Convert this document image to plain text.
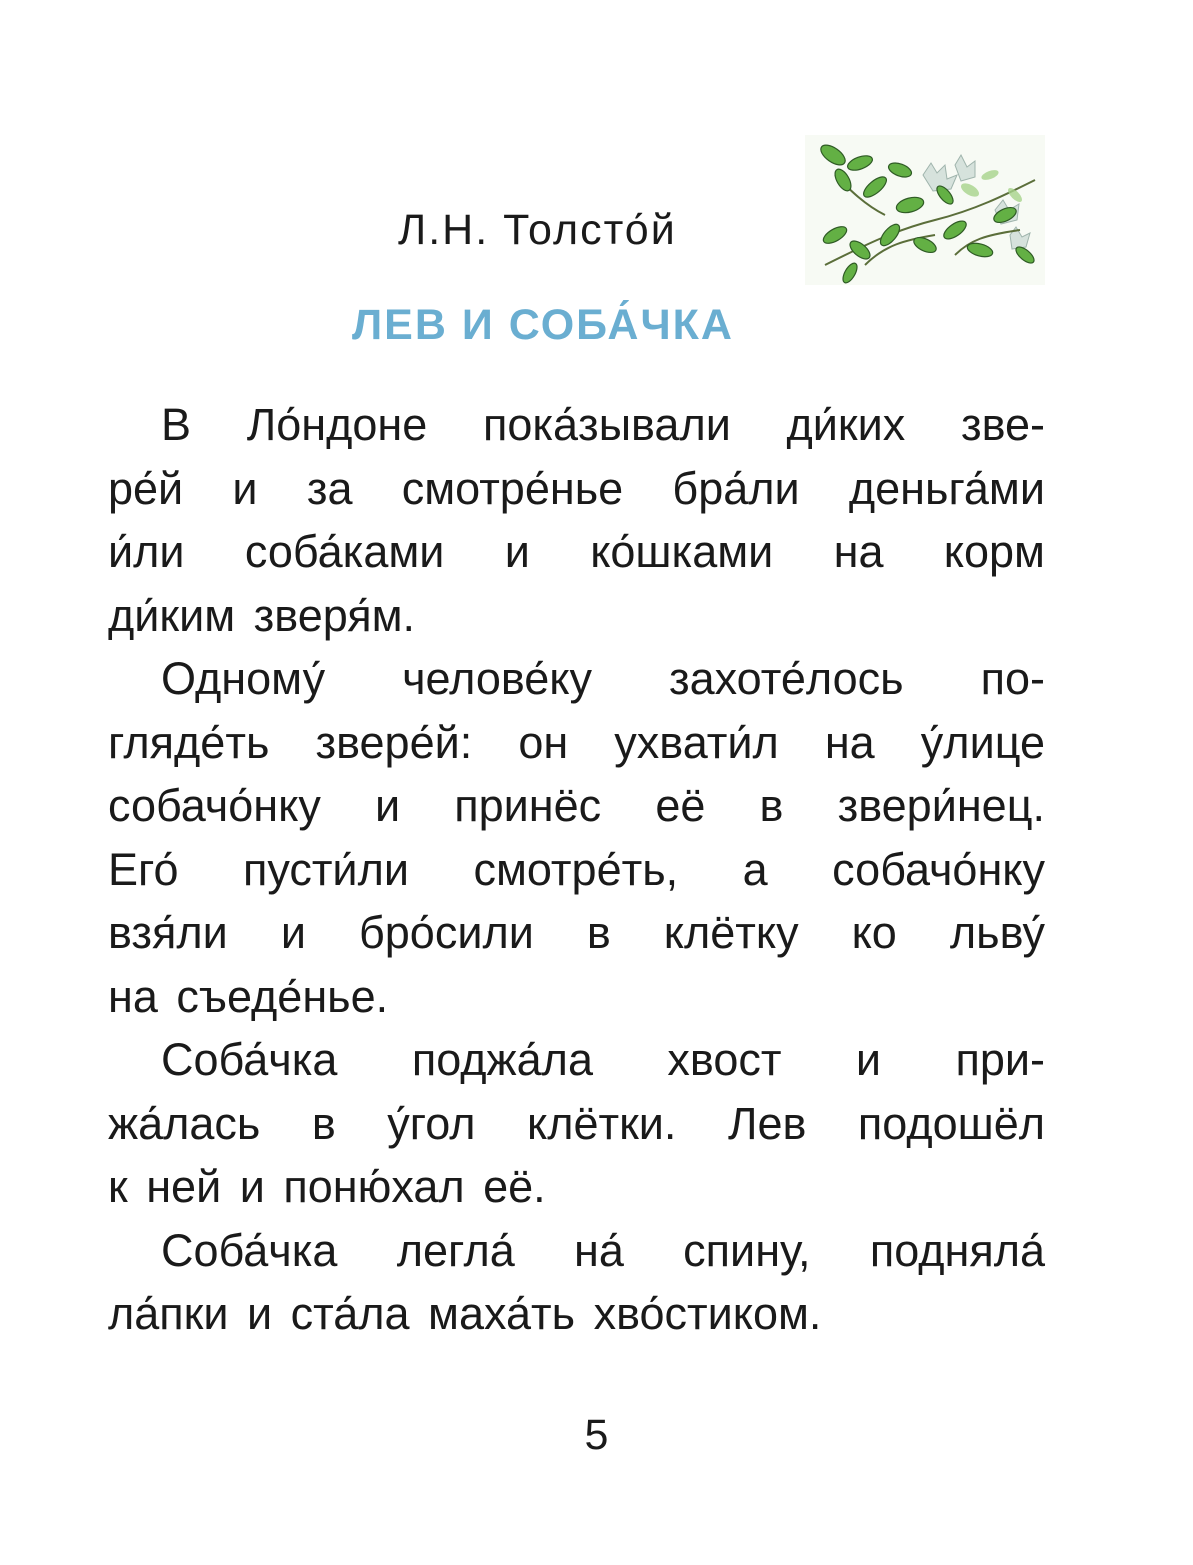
Л.Н. Толсто́й
ЛЕВ И СОБА́ЧКА
В Ло́ндоне пока́зывали ди́ких зве-
ре́й и за смотре́нье бра́ли деньга́ми
и́ли соба́ками и ко́шками на корм
ди́ким зверя́м.
Одному́ челове́ку захоте́лось по-
гляде́ть звере́й: он ухвати́л на у́лице
собачо́нку и принёс её в звери́нец.
Его́ пусти́ли смотре́ть, а собачо́нку
взя́ли и бро́сили в клётку ко льву́
на съеде́нье.
Соба́чка поджа́ла хвост и при-
жа́лась в у́гол клётки. Лев подошёл
к ней и поню́хал её.
Соба́чка легла́ на́ спину, подняла́
ла́пки и ста́ла маха́ть хво́стиком.
5
